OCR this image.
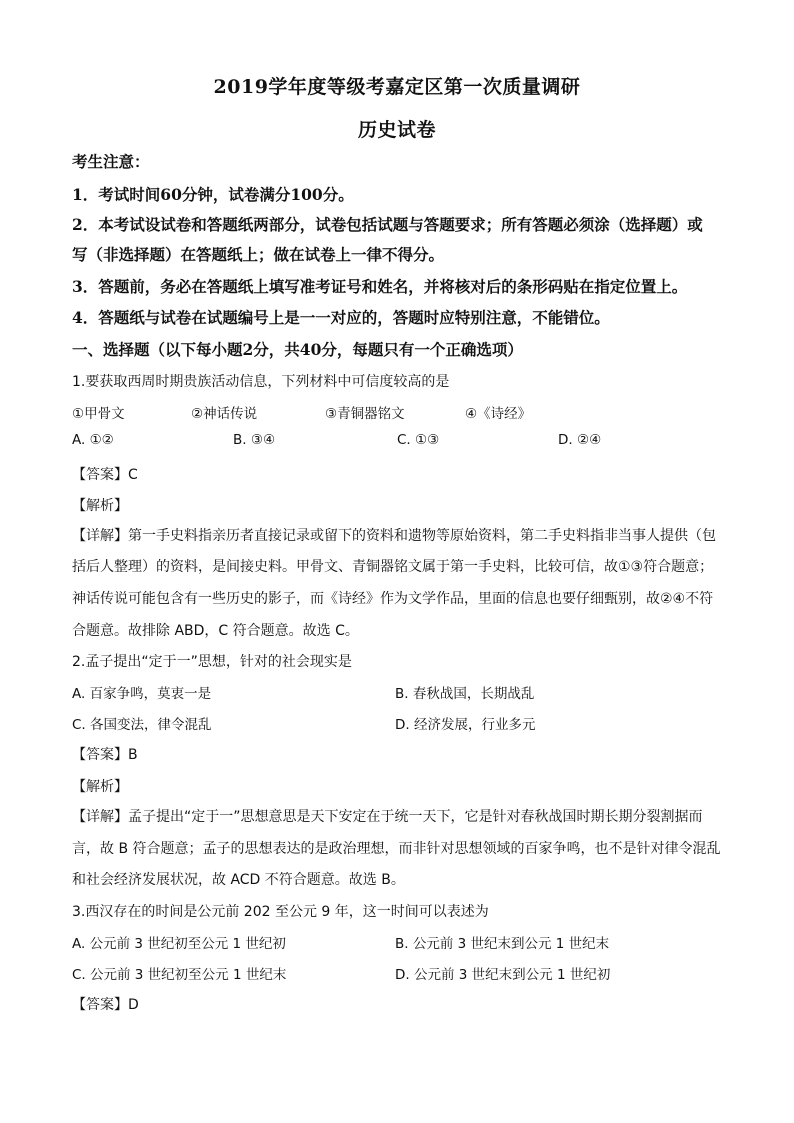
2019学年度等级考嘉定区第一次质量调研
历史试卷
考生注意：
1．考试时间60分钟，试卷满分100分。
2．本考试设试卷和答题纸两部分，试卷包括试题与答题要求；所有答题必须涂（选择题）或
写（非选择题）在答题纸上；做在试卷上一律不得分。
3．答题前，务必在答题纸上填写准考证号和姓名，并将核对后的条形码贴在指定位置上。
4．答题纸与试卷在试题编号上是一一对应的，答题时应特别注意，不能错位。
一、选择题（以下每小题2分，共40分，每题只有一个正确选项）
1.要获取西周时期贵族活动信息，下列材料中可信度较高的是
①甲骨文	②神话传说	③青铜器铭文	④《诗经》
A. ①②	B. ③④	C. ①③	D. ②④
【答案】C
【解析】
【详解】第一手史料指亲历者直接记录或留下的资料和遗物等原始资料，第二手史料指非当事人提供（包
括后人整理）的资料，是间接史料。甲骨文、青铜器铭文属于第一手史料，比较可信，故①③符合题意；
神话传说可能包含有一些历史的影子，而《诗经》作为文学作品，里面的信息也要仔细甄别，故②④不符
合题意。故排除 ABD，C 符合题意。故选 C。
2.孟子提出“定于一”思想，针对的社会现实是
A. 百家争鸣，莫衷一是	B. 春秋战国，长期战乱
C. 各国变法，律令混乱	D. 经济发展，行业多元
【答案】B
【解析】
【详解】孟子提出“定于一”思想意思是天下安定在于统一天下，它是针对春秋战国时期长期分裂割据而
言，故 B 符合题意；孟子的思想表达的是政治理想，而非针对思想领域的百家争鸣，也不是针对律令混乱
和社会经济发展状况，故 ACD 不符合题意。故选 B。
3.西汉存在的时间是公元前 202 至公元 9 年，这一时间可以表述为
A. 公元前 3 世纪初至公元 1 世纪初	B. 公元前 3 世纪末到公元 1 世纪末
C. 公元前 3 世纪初至公元 1 世纪末	D. 公元前 3 世纪末到公元 1 世纪初
【答案】D
